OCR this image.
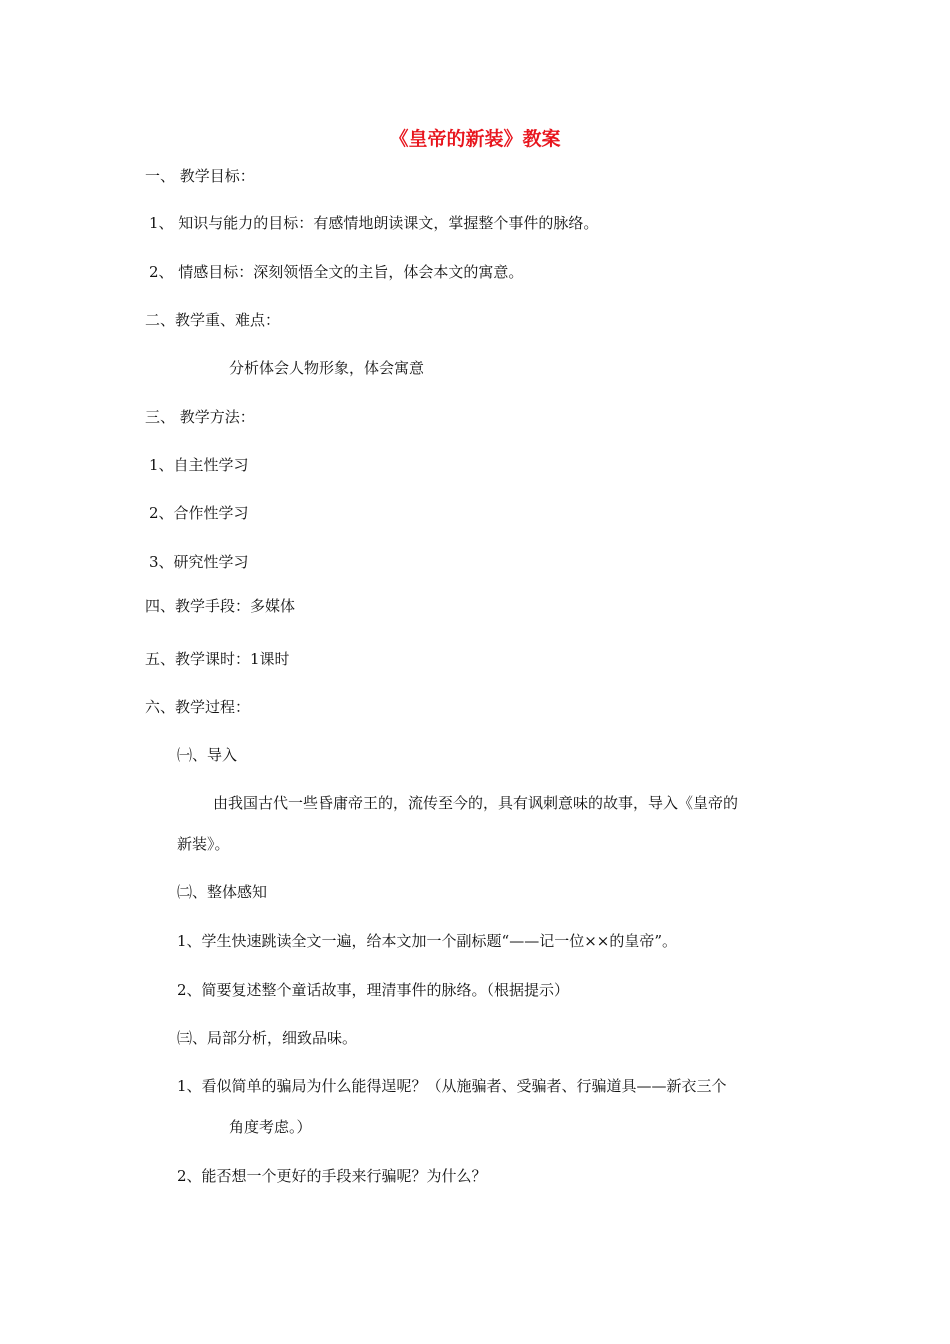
《皇帝的新装》教案
一、 教学目标：
1、 知识与能力的目标：有感情地朗读课文，掌握整个事件的脉络。
2、 情感目标：深刻领悟全文的主旨，体会本文的寓意。
二、教学重、难点：
分析体会人物形象，体会寓意
三、 教学方法：
1、自主性学习
2、合作性学习
3、研究性学习
四、教学手段：多媒体
五、教学课时：1课时
六、教学过程：
㈠、导入
由我国古代一些昏庸帝王的，流传至今的，具有讽刺意味的故事，导入《皇帝的
新装》。
㈡、整体感知
1、学生快速跳读全文一遍，给本文加一个副标题“——记一位××的皇帝”。
2、简要复述整个童话故事，理清事件的脉络。（根据提示）
㈢、局部分析，细致品味。
1、看似简单的骗局为什么能得逞呢？（从施骗者、受骗者、行骗道具——新衣三个
角度考虑。）
2、能否想一个更好的手段来行骗呢？为什么？
